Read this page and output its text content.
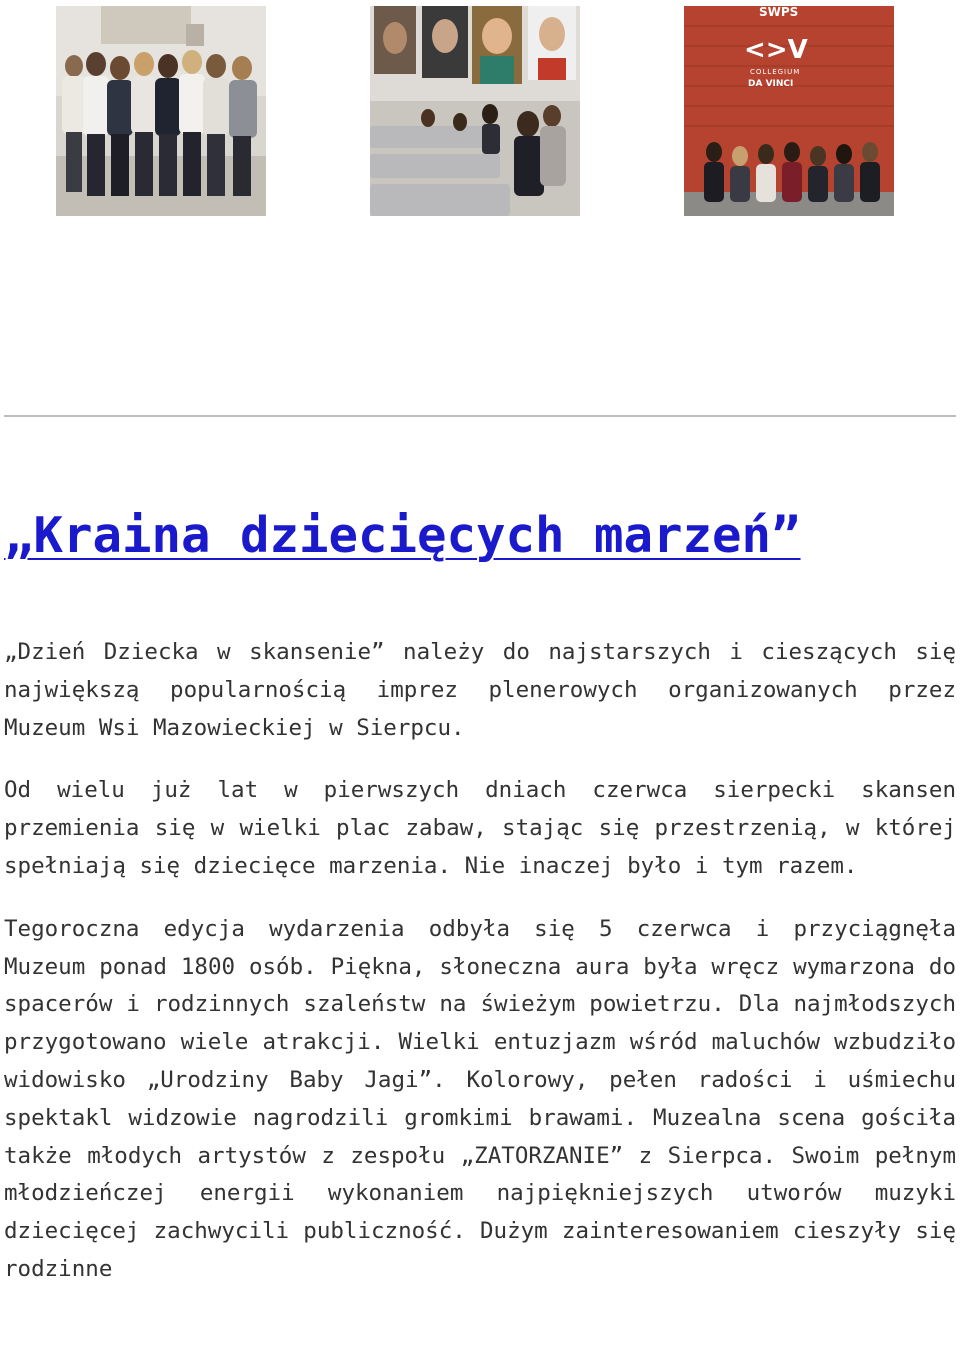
SWPS
<>V
COLLEGIUM
DA VINCI
„Kraina dziecięcych marzeń”

„Dzień Dziecka w skansenie” należy do najstarszych i cieszących się największą popularnością imprez plenerowych organizowanych przez Muzeum Wsi Mazowieckiej w Sierpcu.

Od wielu już lat w pierwszych dniach czerwca sierpecki skansen przemienia się w wielki plac zabaw, stając się przestrzenią, w której spełniają się dziecięce marzenia. Nie inaczej było i tym razem.

Tegoroczna edycja wydarzenia odbyła się 5 czerwca i przyciągnęła Muzeum ponad 1800 osób. Piękna, słoneczna aura była wręcz wymarzona do spacerów i rodzinnych szaleństw na świeżym powietrzu. Dla najmłodszych przygotowano wiele atrakcji. Wielki entuzjazm wśród maluchów wzbudziło widowisko „Urodziny Baby Jagi”. Kolorowy, pełen radości i uśmiechu spektakl widzowie nagrodzili gromkimi brawami. Muzealna scena gościła także młodych artystów z zespołu „ZATORZANIE” z Sierpca. Swoim pełnym młodzieńczej energii wykonaniem najpiękniejszych utworów muzyki dziecięcej zachwycili publiczność. Dużym zainteresowaniem cieszyły się rodzinne
